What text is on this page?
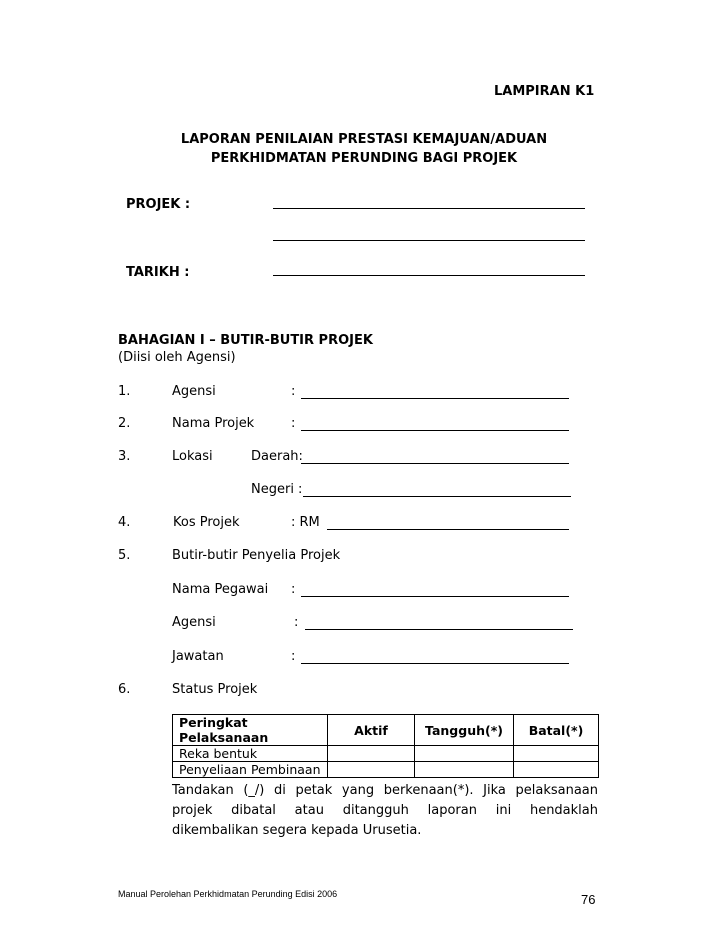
LAMPIRAN K1
LAPORAN PENILAIAN PRESTASI KEMAJUAN/ADUAN
PERKHIDMATAN PERUNDING BAGI PROJEK
PROJEK :
TARIKH :
BAHAGIAN I – BUTIR-BUTIR PROJEK
(Diisi oleh Agensi)
1.	Agensi	:
2.	Nama Projek	:
3.	Lokasi	Daerah:
Negeri :
4.	Kos Projek	: RM
5.	Butir-butir Penyelia Projek
Nama Pegawai :
Agensi	:
Jawatan	:
6.	Status Projek
Peringkat Pelaksanaan	Aktif	Tangguh(*)	Batal(*)
Reka bentuk			
Penyeliaan Pembinaan			
Tandakan (_/) di petak yang berkenaan(*). Jika pelaksanaan projek dibatal atau ditangguh laporan ini hendaklah dikembalikan segera kepada Urusetia.
Manual Perolehan Perkhidmatan Perunding Edisi 2006	76
